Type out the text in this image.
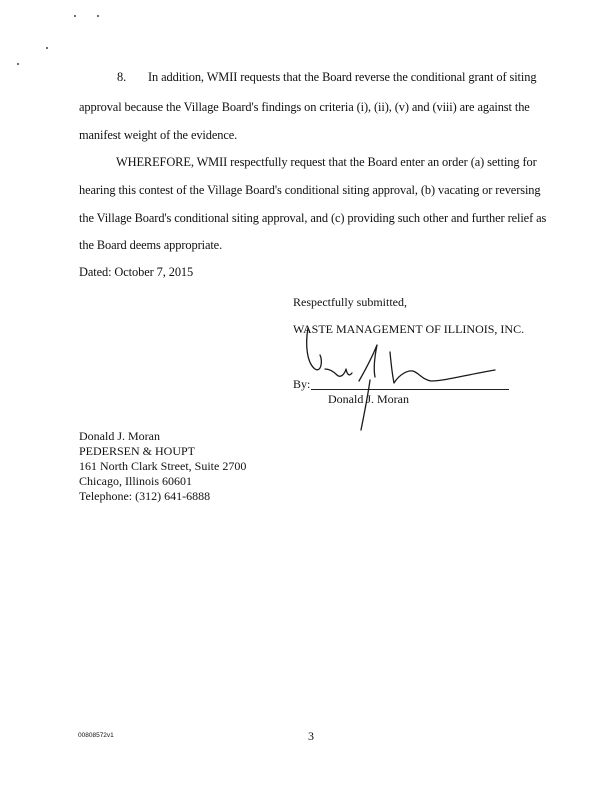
8. In addition, WMII requests that the Board reverse the conditional grant of siting
approval because the Village Board's findings on criteria (i), (ii), (v) and (viii) are against the
manifest weight of the evidence.
WHEREFORE, WMII respectfully request that the Board enter an order (a) setting for
hearing this contest of the Village Board's conditional siting approval, (b) vacating or reversing
the Village Board's conditional siting approval, and (c) providing such other and further relief as
the Board deems appropriate.
Dated: October 7, 2015
Respectfully submitted,
WASTE MANAGEMENT OF ILLINOIS, INC.
By:
Donald J. Moran
Donald J. Moran
PEDERSEN & HOUPT
161 North Clark Street, Suite 2700
Chicago, Illinois 60601
Telephone: (312) 641-6888
00808572v1	3
